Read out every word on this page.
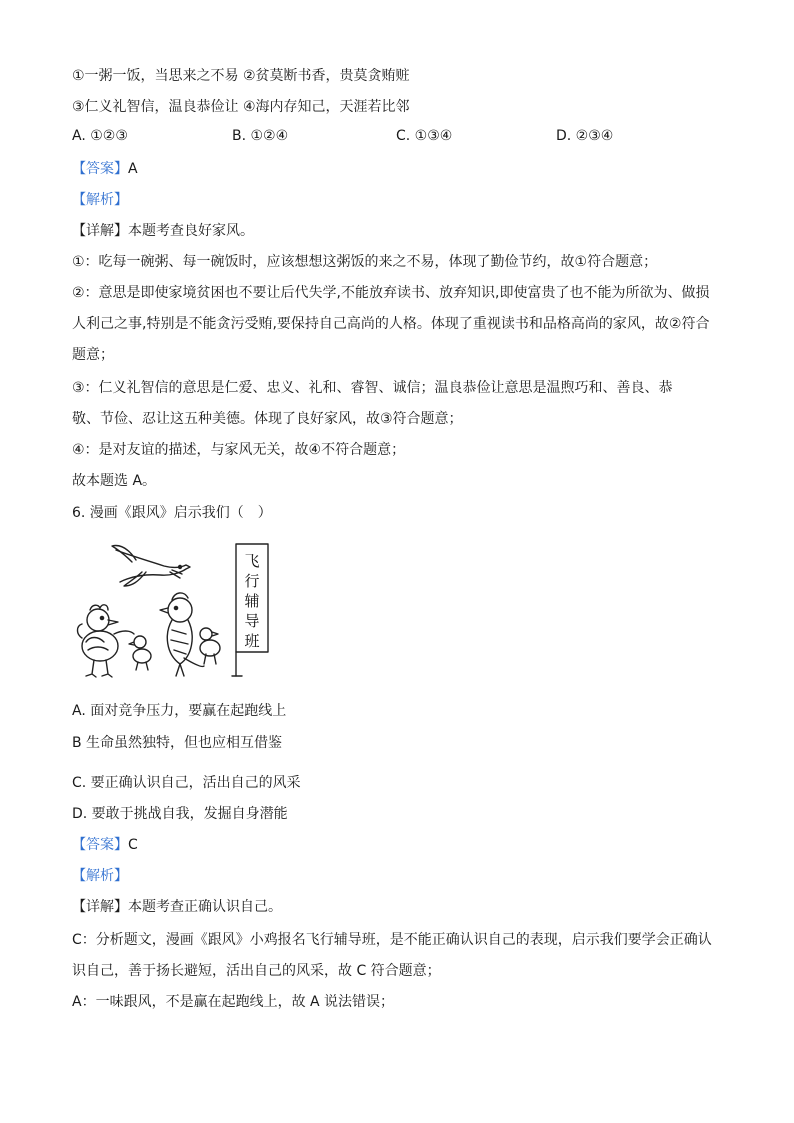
①一粥一饭，当思来之不易 ②贫莫断书香，贵莫贪贿赃
③仁义礼智信，温良恭俭让 ④海内存知己，天涯若比邻
A. ①②③	B. ①②④	C. ①③④	D. ②③④
【答案】A
【解析】
【详解】本题考查良好家风。
①：吃每一碗粥、每一碗饭时，应该想想这粥饭的来之不易，体现了勤俭节约，故①符合题意；
②：意思是即使家境贫困也不要让后代失学,不能放弃读书、放弃知识,即使富贵了也不能为所欲为、做损
人利己之事,特别是不能贪污受贿,要保持自己高尚的人格。体现了重视读书和品格高尚的家风，故②符合
题意；
③：仁义礼智信的意思是仁爱、忠义、礼和、睿智、诚信；温良恭俭让意思是温煦巧和、善良、恭
敬、节俭、忍让这五种美德。体现了良好家风，故③符合题意；
④：是对友谊的描述，与家风无关，故④不符合题意；
故本题选 A。
6. 漫画《跟风》启示我们（　）
飞
行
辅
导
班
A. 面对竞争压力，要赢在起跑线上
B 生命虽然独特，但也应相互借鉴
C. 要正确认识自己，活出自己的风采
D. 要敢于挑战自我，发掘自身潜能
【答案】C
【解析】
【详解】本题考查正确认识自己。
C：分析题文，漫画《跟风》小鸡报名飞行辅导班，是不能正确认识自己的表现，启示我们要学会正确认
识自己，善于扬长避短，活出自己的风采，故 C 符合题意；
A：一味跟风，不是赢在起跑线上，故 A 说法错误；
